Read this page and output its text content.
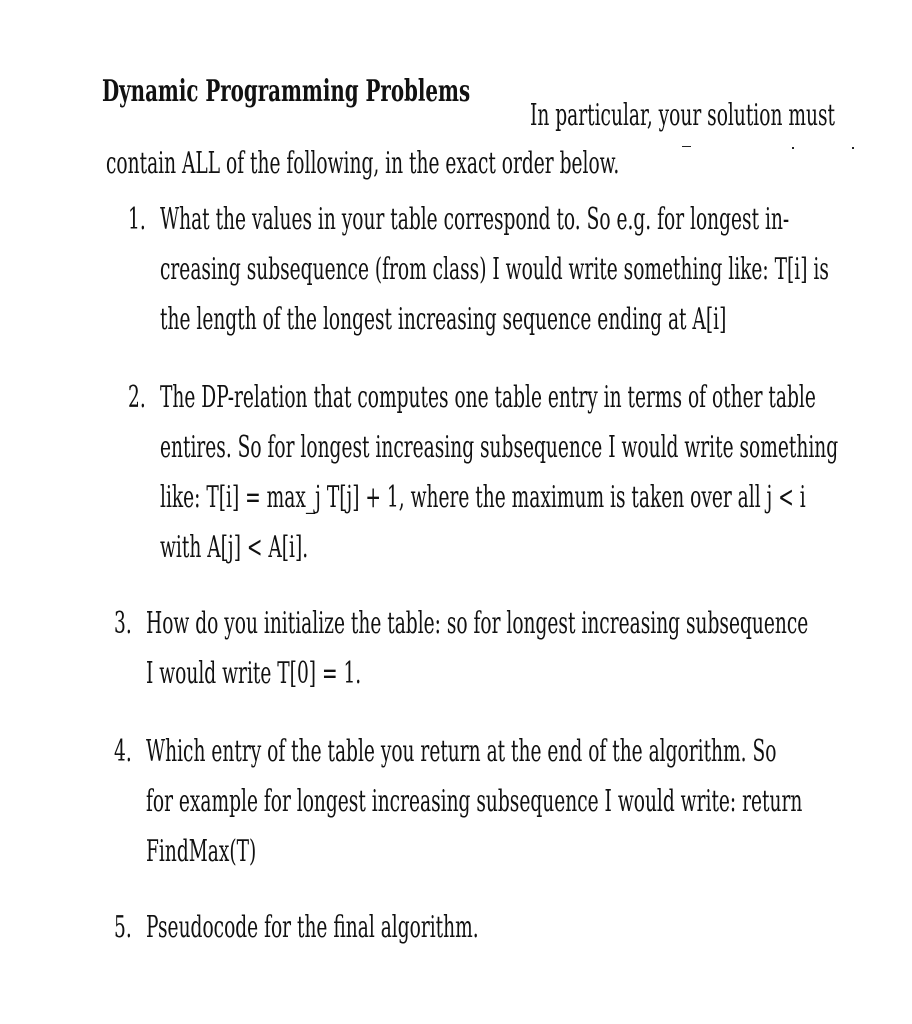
Dynamic Programming Problems
In particular, your solution must
contain ALL of the following, in the exact order below.
1. What the values in your table correspond to. So e.g. for longest in-
creasing subsequence (from class) I would write something like: T[i] is
the length of the longest increasing sequence ending at A[i]
2. The DP-relation that computes one table entry in terms of other table
entires. So for longest increasing subsequence I would write something
like: T[i] = max_j T[j] + 1, where the maximum is taken over all j < i
with A[j] < A[i].
3. How do you initialize the table: so for longest increasing subsequence
I would write T[0] = 1.
4. Which entry of the table you return at the end of the algorithm. So
for example for longest increasing subsequence I would write: return
FindMax(T)
5. Pseudocode for the final algorithm.
